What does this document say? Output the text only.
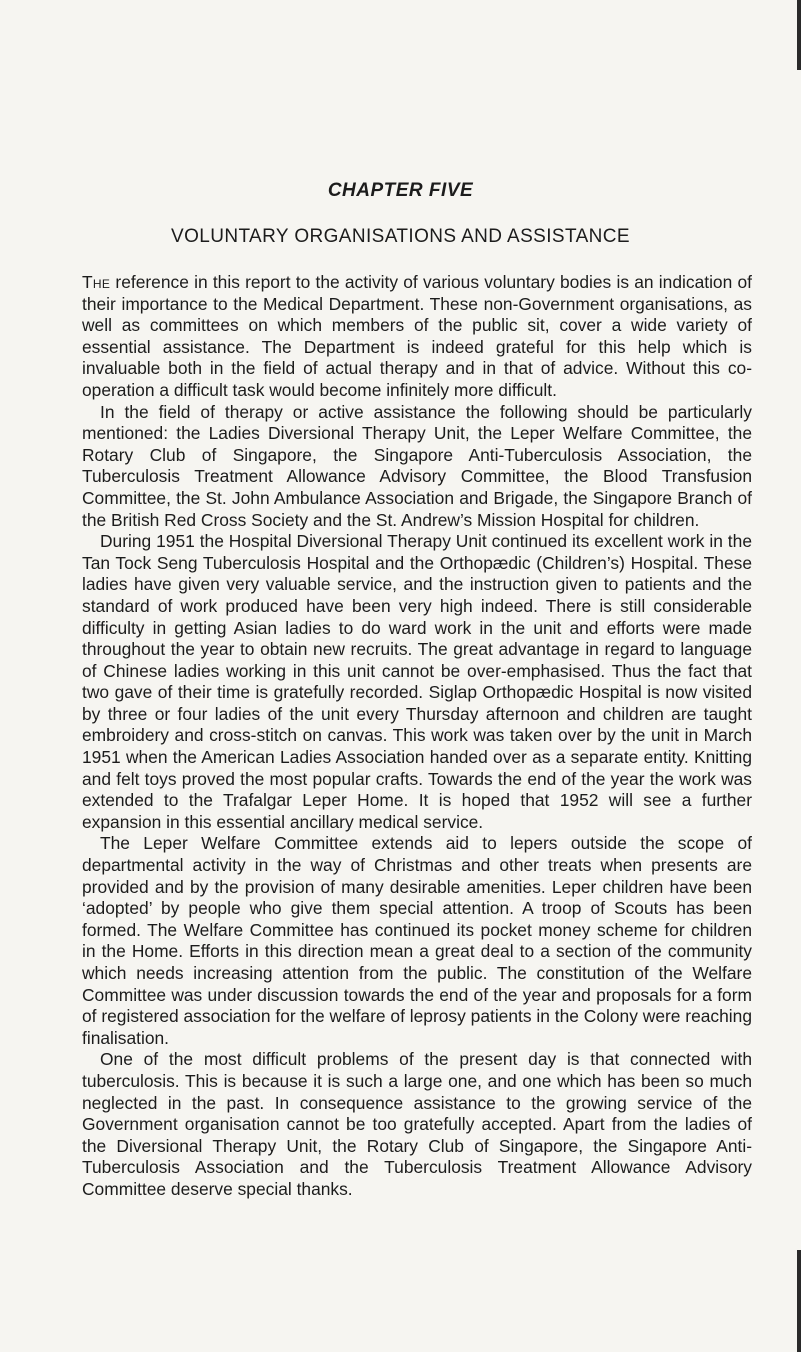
CHAPTER FIVE
VOLUNTARY ORGANISATIONS AND ASSISTANCE

The reference in this report to the activity of various voluntary bodies is an indication of their importance to the Medical Department. These non-Government organisations, as well as committees on which members of the public sit, cover a wide variety of essential assistance. The Department is indeed grateful for this help which is invaluable both in the field of actual therapy and in that of advice. Without this co-operation a difficult task would become infinitely more difficult.

In the field of therapy or active assistance the following should be particularly mentioned: the Ladies Diversional Therapy Unit, the Leper Welfare Committee, the Rotary Club of Singapore, the Singapore Anti-Tuberculosis Association, the Tuberculosis Treatment Allowance Advisory Committee, the Blood Transfusion Committee, the St. John Ambulance Association and Brigade, the Singapore Branch of the British Red Cross Society and the St. Andrew’s Mission Hospital for children.

During 1951 the Hospital Diversional Therapy Unit continued its excellent work in the Tan Tock Seng Tuberculosis Hospital and the Orthopædic (Children’s) Hospital. These ladies have given very valuable service, and the instruction given to patients and the standard of work produced have been very high indeed. There is still considerable difficulty in getting Asian ladies to do ward work in the unit and efforts were made throughout the year to obtain new recruits. The great advantage in regard to language of Chinese ladies working in this unit cannot be over-emphasised. Thus the fact that two gave of their time is gratefully recorded. Siglap Orthopædic Hospital is now visited by three or four ladies of the unit every Thursday afternoon and children are taught embroidery and cross-stitch on canvas. This work was taken over by the unit in March 1951 when the American Ladies Association handed over as a separate entity. Knitting and felt toys proved the most popular crafts. Towards the end of the year the work was extended to the Trafalgar Leper Home. It is hoped that 1952 will see a further expansion in this essential ancillary medical service.

The Leper Welfare Committee extends aid to lepers outside the scope of departmental activity in the way of Christmas and other treats when presents are provided and by the provision of many desirable amenities. Leper children have been ‘adopted’ by people who give them special attention. A troop of Scouts has been formed. The Welfare Committee has continued its pocket money scheme for children in the Home. Efforts in this direction mean a great deal to a section of the community which needs increasing attention from the public. The constitution of the Welfare Committee was under discussion towards the end of the year and proposals for a form of registered association for the welfare of leprosy patients in the Colony were reaching finalisation.

One of the most difficult problems of the present day is that connected with tuberculosis. This is because it is such a large one, and one which has been so much neglected in the past. In consequence assistance to the growing service of the Government organisation cannot be too gratefully accepted. Apart from the ladies of the Diversional Therapy Unit, the Rotary Club of Singapore, the Singapore Anti-Tuberculosis Association and the Tuberculosis Treatment Allowance Advisory Committee deserve special thanks.
